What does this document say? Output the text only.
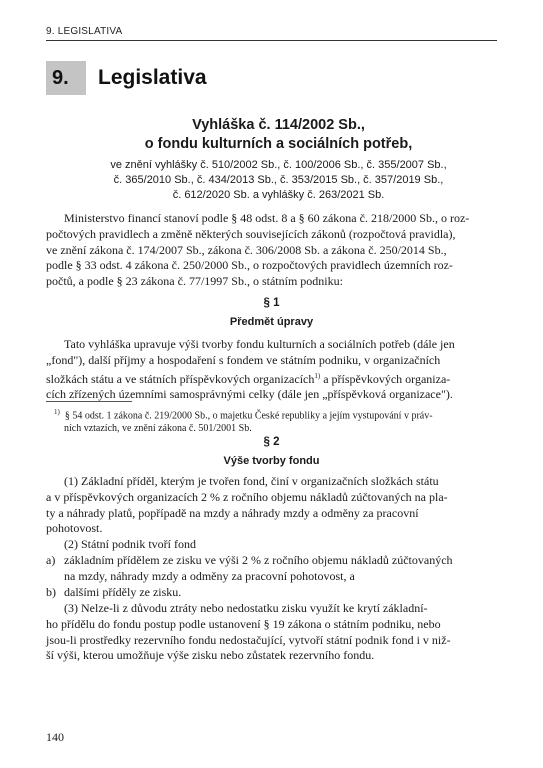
9. LEGISLATIVA
9.	Legislativa
Vyhláška č. 114/2002 Sb.,
o fondu kulturních a sociálních potřeb,
ve znění vyhlášky č. 510/2002 Sb., č. 100/2006 Sb., č. 355/2007 Sb.,
č. 365/2010 Sb., č. 434/2013 Sb., č. 353/2015 Sb., č. 357/2019 Sb.,
č. 612/2020 Sb. a vyhlášky č. 263/2021 Sb.
Ministerstvo financí stanoví podle § 48 odst. 8 a § 60 zákona č. 218/2000 Sb., o roz-
počtových pravidlech a změně některých souvisejících zákonů (rozpočtová pravidla),
ve znění zákona č. 174/2007 Sb., zákona č. 306/2008 Sb. a zákona č. 250/2014 Sb.,
podle § 33 odst. 4 zákona č. 250/2000 Sb., o rozpočtových pravidlech územních roz-
počtů, a podle § 23 zákona č. 77/1997 Sb., o státním podniku:
§ 1
Předmět úpravy
Tato vyhláška upravuje výši tvorby fondu kulturních a sociálních potřeb (dále jen
„fond"), další příjmy a hospodaření s fondem ve státním podniku, v organizačních
složkách státu a ve státních příspěvkových organizacích$^{1)}$ a příspěvkových organiza-
cích zřízených územními samosprávnými celky (dále jen „příspěvková organizace").
$^{1)}$ § 54 odst. 1 zákona č. 219/2000 Sb., o majetku České republiky a jejím vystupování v práv-
ních vztazích, ve znění zákona č. 501/2001 Sb.
§ 2
Výše tvorby fondu
(1) Základní příděl, kterým je tvořen fond, činí v organizačních složkách státu
a v příspěvkových organizacích 2 % z ročního objemu nákladů zúčtovaných na pla-
ty a náhrady platů, popřípadě na mzdy a náhrady mzdy a odměny za pracovní
pohotovost.
(2) Státní podnik tvoří fond
a) základním přídělem ze zisku ve výši 2 % z ročního objemu nákladů zúčtovaných
na mzdy, náhrady mzdy a odměny za pracovní pohotovost, a
b) dalšími příděly ze zisku.
(3) Nelze-li z důvodu ztráty nebo nedostatku zisku využít ke krytí základní-
ho přídělu do fondu postup podle ustanovení § 19 zákona o státním podniku, nebo
jsou-li prostředky rezervního fondu nedostačující, vytvoří státní podnik fond i v niž-
ší výši, kterou umožňuje výše zisku nebo zůstatek rezervního fondu.
140
